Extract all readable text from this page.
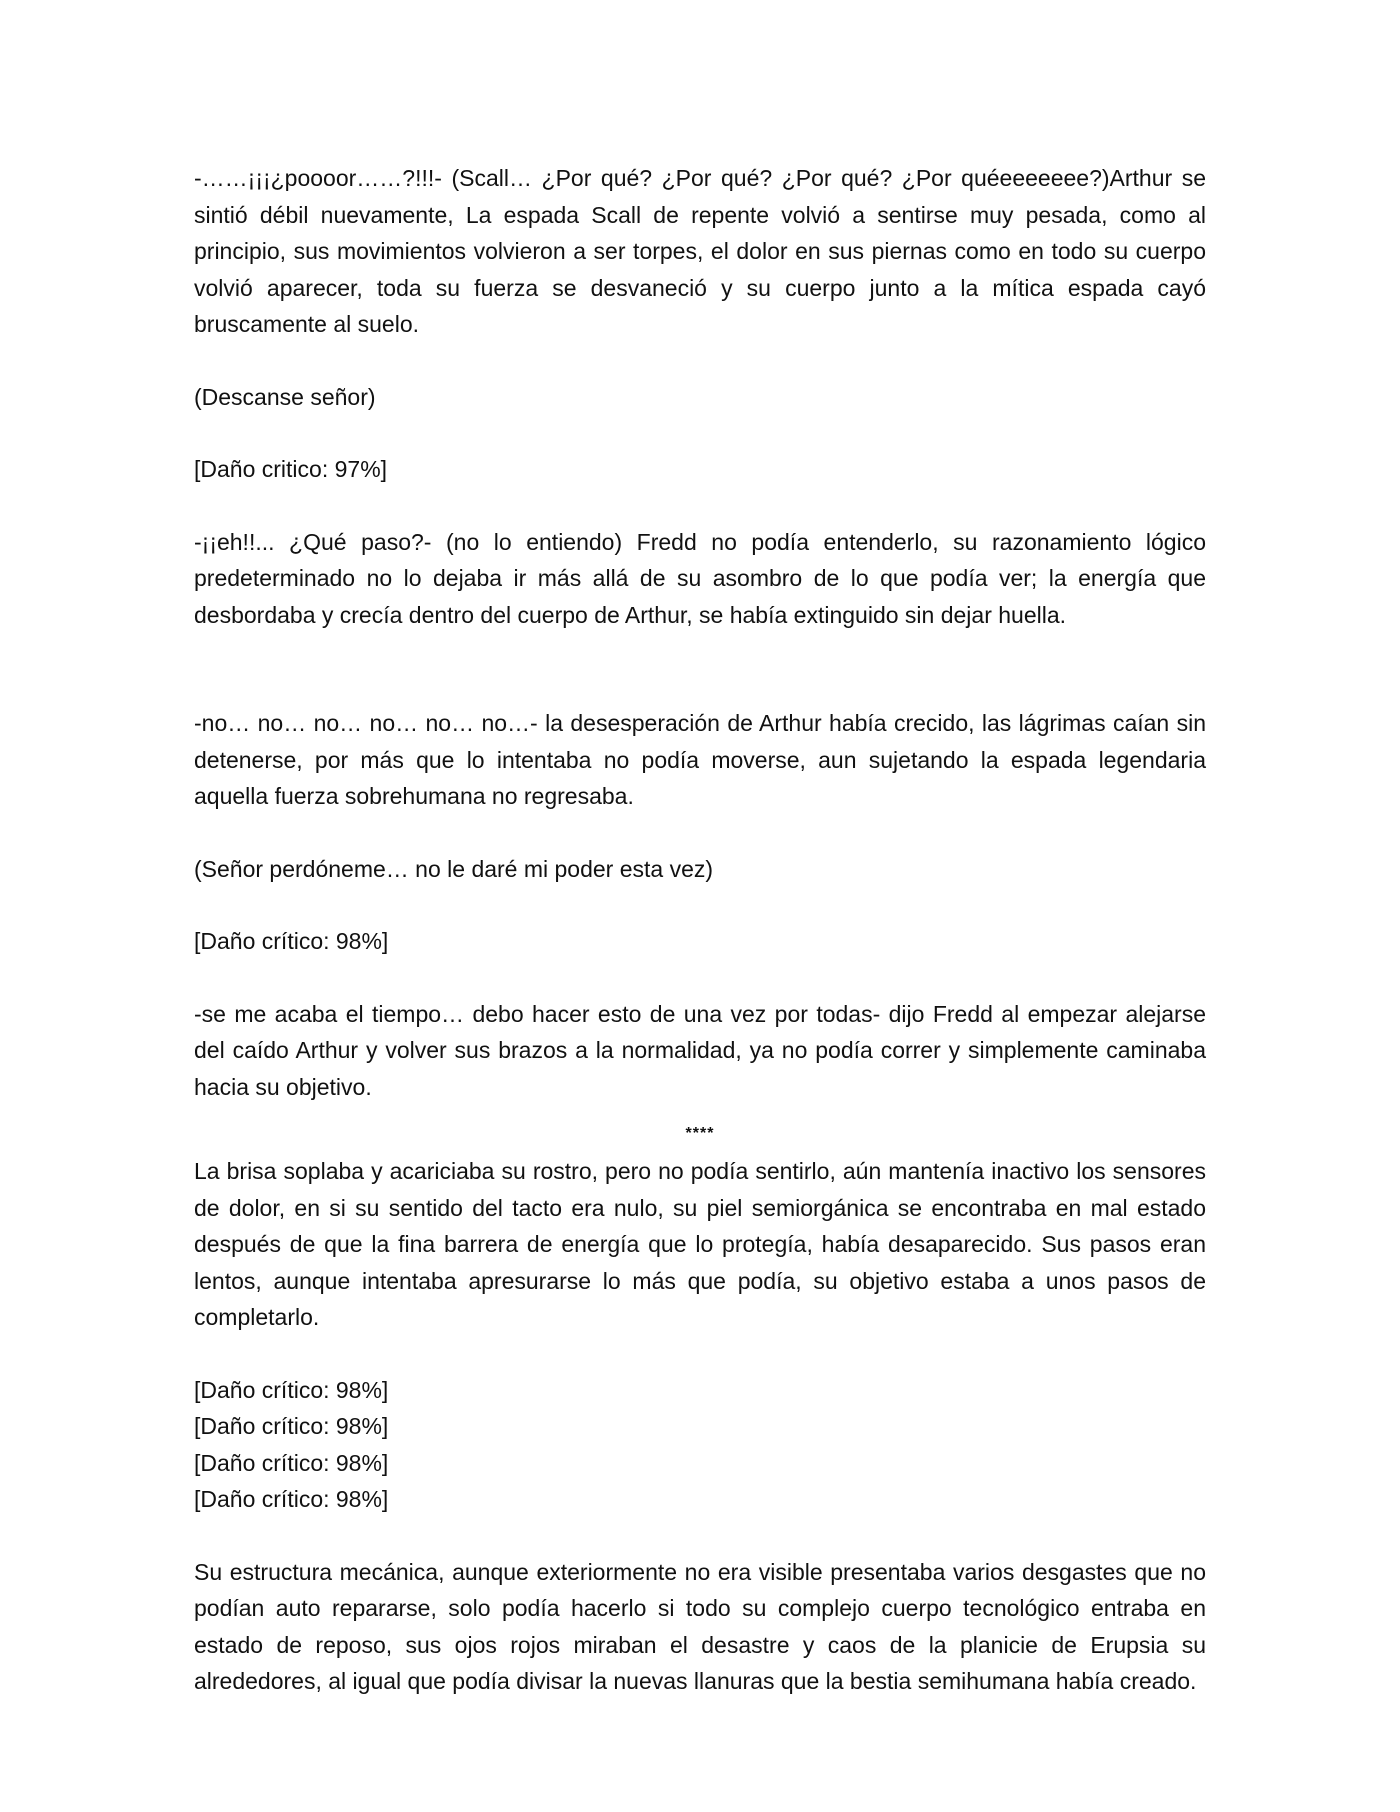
-……¡¡¡¿poooor……?!!!- (Scall… ¿Por qué? ¿Por qué? ¿Por qué? ¿Por quéeeeeeee?)Arthur se sintió débil nuevamente, La espada Scall de repente volvió a sentirse muy pesada, como al principio, sus movimientos volvieron a ser torpes, el dolor en sus piernas como en todo su cuerpo volvió aparecer, toda su fuerza se desvaneció y su cuerpo junto a la mítica espada cayó bruscamente al suelo.

(Descanse señor)

[Daño critico: 97%]

-¡¡eh!!... ¿Qué paso?- (no lo entiendo) Fredd no podía entenderlo, su razonamiento lógico predeterminado no lo dejaba ir más allá de su asombro de lo que podía ver; la energía que desbordaba y crecía dentro del cuerpo de Arthur, se había extinguido sin dejar huella.

-no… no… no… no… no… no…- la desesperación de Arthur había crecido, las lágrimas caían sin detenerse, por más que lo intentaba no podía moverse, aun sujetando la espada legendaria aquella fuerza sobrehumana no regresaba.

(Señor perdóneme… no le daré mi poder esta vez)

[Daño crítico: 98%]

-se me acaba el tiempo… debo hacer esto de una vez por todas- dijo Fredd al empezar alejarse del caído Arthur y volver sus brazos a la normalidad, ya no podía correr y simplemente caminaba hacia su objetivo.

****

La brisa soplaba y acariciaba su rostro, pero no podía sentirlo, aún mantenía inactivo los sensores de dolor, en si su sentido del tacto era nulo, su piel semiorgánica se encontraba en mal estado después de que la fina barrera de energía que lo protegía, había desaparecido. Sus pasos eran lentos, aunque intentaba apresurarse lo más que podía, su objetivo estaba a unos pasos de completarlo.

[Daño crítico: 98%]

[Daño crítico: 98%]

[Daño crítico: 98%]

[Daño crítico: 98%]

Su estructura mecánica, aunque exteriormente no era visible presentaba varios desgastes que no podían auto repararse, solo podía hacerlo si todo su complejo cuerpo tecnológico entraba en estado de reposo, sus ojos rojos miraban el desastre y caos de la planicie de Erupsia su alrededores, al igual que podía divisar la nuevas llanuras que la bestia semihumana había creado.
